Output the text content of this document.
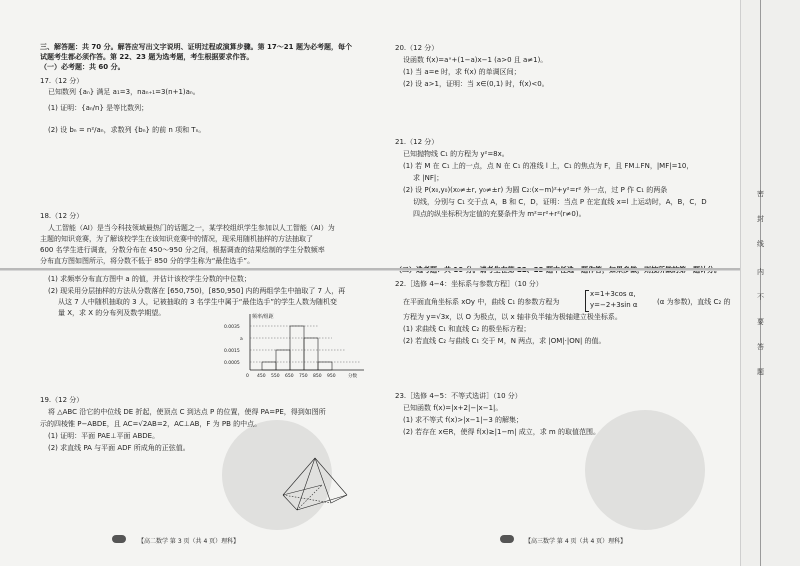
三、解答题：共 70 分。解答应写出文字说明、证明过程或演算步骤。第 17～21 题为必考题，每个
试题考生都必须作答。第 22、23 题为选考题，考生根据要求作答。
（一）必考题：共 60 分。
17.（12 分）
已知数列 {aₙ} 满足 a₁=3，naₙ₊₁=3(n+1)aₙ。
(1) 证明：{aₙ/n} 是等比数列；
(2) 设 bₙ = n²/aₙ，求数列 {bₙ} 的前 n 项和 Tₙ。
18.（12 分）
人工智能（AI）是当今科技领域最热门的话题之一，某学校组织学生参加以人工智能（AI）为
主题的知识竞赛，为了解该校学生在该知识竞赛中的情况，现采用随机抽样的方法抽取了
600 名学生进行调查，分数分布在 450～950 分之间，根据调查的结果绘制的学生分数频率
分布直方图如图所示，将分数不低于 850 分的学生称为“最佳选手”。
(1) 求频率分布直方图中 a 的值，并估计该校学生分数的中位数；
(2) 现采用分层抽样的方法从分数落在 [650,750)，[850,950] 内的两组学生中抽取了 7 人，再
从这 7 人中随机抽取的 3 人，记被抽取的 3 名学生中属于“最佳选手”的学生人数为随机变
量 X，求 X 的分布列及数学期望。	频率/组距
0.0035
a
0.0015
0.0005
0 450 550 650 750 850 950	分数
19.（12 分）
将 △ABC 沿它的中位线 DE 折起，使顶点 C 到达点 P 的位置，使得 PA=PE，得到如图所
示的四棱锥 P−ABDE，且 AC=√2AB=2，AC⊥AB，F 为 PB 的中点。
(1) 证明：平面 PAE⊥平面 ABDE。
(2) 求直线 PA 与平面 ADF 所成角的正弦值。
【高二数学 第 3 页（共 4 页）理科】
20.（12 分）
设函数 f(x)=aˣ+(1−a)x−1 (a>0 且 a≠1)。
(1) 当 a=e 时，求 f(x) 的单调区间；
(2) 设 a>1，证明：当 x∈(0,1) 时，f(x)<0。
21.（12 分）
已知抛物线 C₁ 的方程为 y²=8x。
(1) 若 M 在 C₁ 上的一点，点 N 在 C₁ 的准线 l 上，C₁ 的焦点为 F，且 FM⊥FN，|MF|=10，
求 |NF|；
(2) 设 P(x₀,y₀)(x₀≠±r, y₀≠±r) 为圆 C₂:(x−m)²+y²=r² 外一点，过 P 作 C₁ 的两条
切线，分别与 C₁ 交于点 A，B 和 C，D，证明：当点 P 在定直线 x=l 上运动时，A，B，C，D
四点的纵坐标积为定值的充要条件为 m²=r²+r²(r≠0)。
22.［选修 4−4：坐标系与参数方程］（10 分）
在平面直角坐标系 xOy 中，曲线 C₁ 的参数方程为
x=1+3cos α,
y=−2+3sin α	(α 为参数)，直线 C₂ 的
方程为 y=√3x，以 O 为极点，以 x 轴非负半轴为极轴建立极坐标系。
(1) 求曲线 C₁ 和直线 C₂ 的极坐标方程；
(2) 若直线 C₂ 与曲线 C₁ 交于 M，N 两点，求 |OM|·|ON| 的值。
23.［选修 4−5：不等式选讲］（10 分）
已知函数 f(x)=|x+2|−|x−1|。
(1) 求不等式 f(x)>|x−1|−3 的解集；
(2) 若存在 x∈R，使得 f(x)≥|1−m| 成立，求 m 的取值范围。
【高三数学 第 4 页（共 4 页）理科】
密
封
线
内
不
要
答
题
